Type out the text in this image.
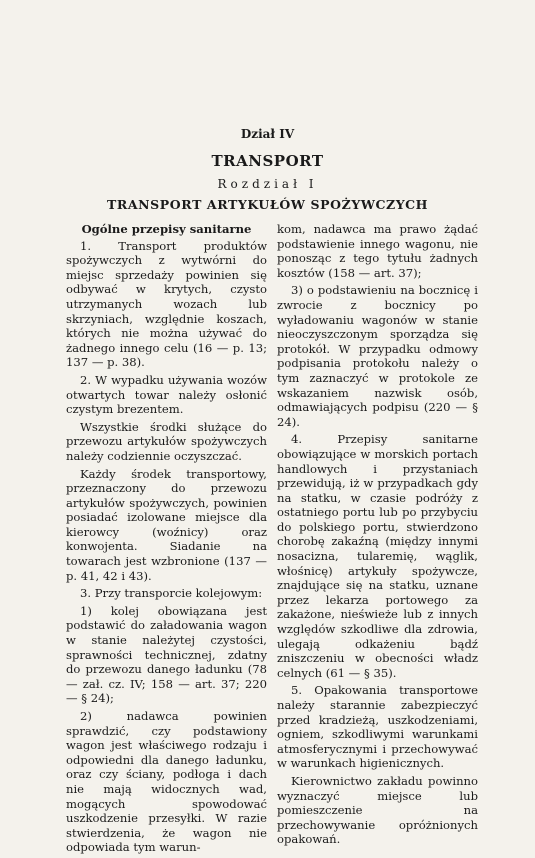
Dział IV
TRANSPORT
Rozdział I
TRANSPORT ARTYKUŁÓW SPOŻYWCZYCH
Ogólne przepisy sanitarne

1. Transport produktów spożywczych z wytwórni do miejsc sprzedaży powinien się odbywać w krytych, czysto utrzymanych wozach lub skrzyniach, względnie koszach, których nie można używać do żadnego innego celu (16 — p. 13; 137 — p. 38).

2. W wypadku używania wozów otwartych towar należy osłonić czystym brezentem.

Wszystkie środki służące do przewozu artykułów spożywczych należy codziennie oczyszczać.

Każdy środek transportowy, przeznaczony do przewozu artykułów spożywczych, powinien posiadać izolowane miejsce dla kierowcy (woźnicy) oraz konwojenta. Siadanie na towarach jest wzbronione (137 — p. 41, 42 i 43).

3. Przy transporcie kolejowym:

1) kolej obowiązana jest podstawić do załadowania wagon w stanie należytej czystości, sprawności technicznej, zdatny do przewozu danego ładunku (78 — zał. cz. IV; 158 — art. 37; 220 — § 24);

2) nadawca powinien sprawdzić, czy podstawiony wagon jest właściwego rodzaju i odpowiedni dla danego ładunku, oraz czy ściany, podłoga i dach nie mają widocznych wad, mogących spowodować uszkodzenie przesyłki. W razie stwierdzenia, że wagon nie odpowiada tym warun-

kom, nadawca ma prawo żądać podstawienie innego wagonu, nie ponosząc z tego tytułu żadnych kosztów (158 — art. 37);

3) o podstawieniu na bocznicę i zwrocie z bocznicy po wyładowaniu wagonów w stanie nieoczyszczonym sporządza się protokół. W przypadku odmowy podpisania protokołu należy o tym zaznaczyć w protokole ze wskazaniem nazwisk osób, odmawiających podpisu (220 — § 24).

4. Przepisy sanitarne obowiązujące w morskich portach handlowych i przystaniach przewidują, iż w przypadkach gdy na statku, w czasie podróży z ostatniego portu lub po przybyciu do polskiego portu, stwierdzono chorobę zakaźną (między innymi nosacizna, tularemię, wąglik, włośnicę) artykuły spożywcze, znajdujące się na statku, uznane przez lekarza portowego za zakażone, nieświeże lub z innych względów szkodliwe dla zdrowia, ulegają odkażeniu bądź zniszczeniu w obecności władz celnych (61 — § 35).

5. Opakowania transportowe należy starannie zabezpieczyć przed kradzieżą, uszkodzeniami, ogniem, szkodliwymi warunkami atmosferycznymi i przechowywać w warunkach higienicznych.

Kierownictwo zakładu powinno wyznaczyć miejsce lub pomieszczenie na przechowywanie opróżnionych opakowań.
